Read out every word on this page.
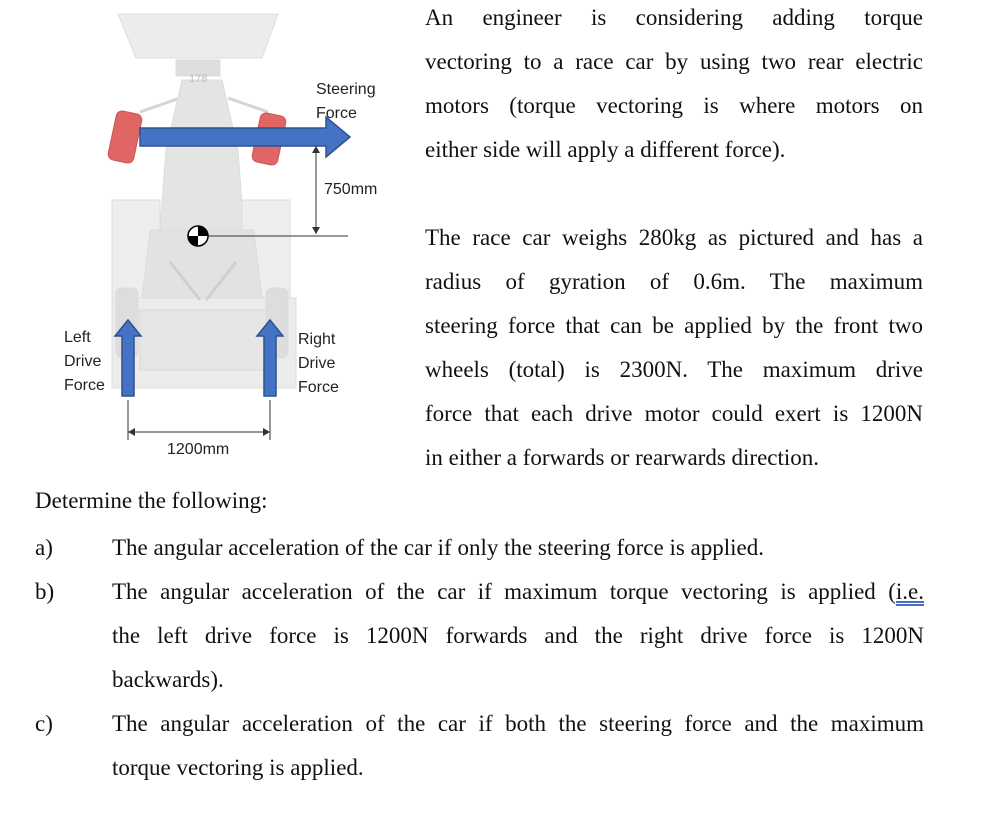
178
Steering
Force
750mm
Left
Drive
Force
Right
Drive
Force
1200mm
An engineer is considering adding torque
vectoring to a race car by using two rear electric
motors (torque vectoring is where motors on
either side will apply a different force).
The race car weighs 280kg as pictured and has a
radius of gyration of 0.6m. The maximum
steering force that can be applied by the front two
wheels (total) is 2300N. The maximum drive
force that each drive motor could exert is 1200N
in either a forwards or rearwards direction.
Determine the following:
a)	The angular acceleration of the car if only the steering force is applied.
b)	The angular acceleration of the car if maximum torque vectoring is applied (i.e.
the left drive force is 1200N forwards and the right drive force is 1200N
backwards).
c)	The angular acceleration of the car if both the steering force and the maximum
torque vectoring is applied.
